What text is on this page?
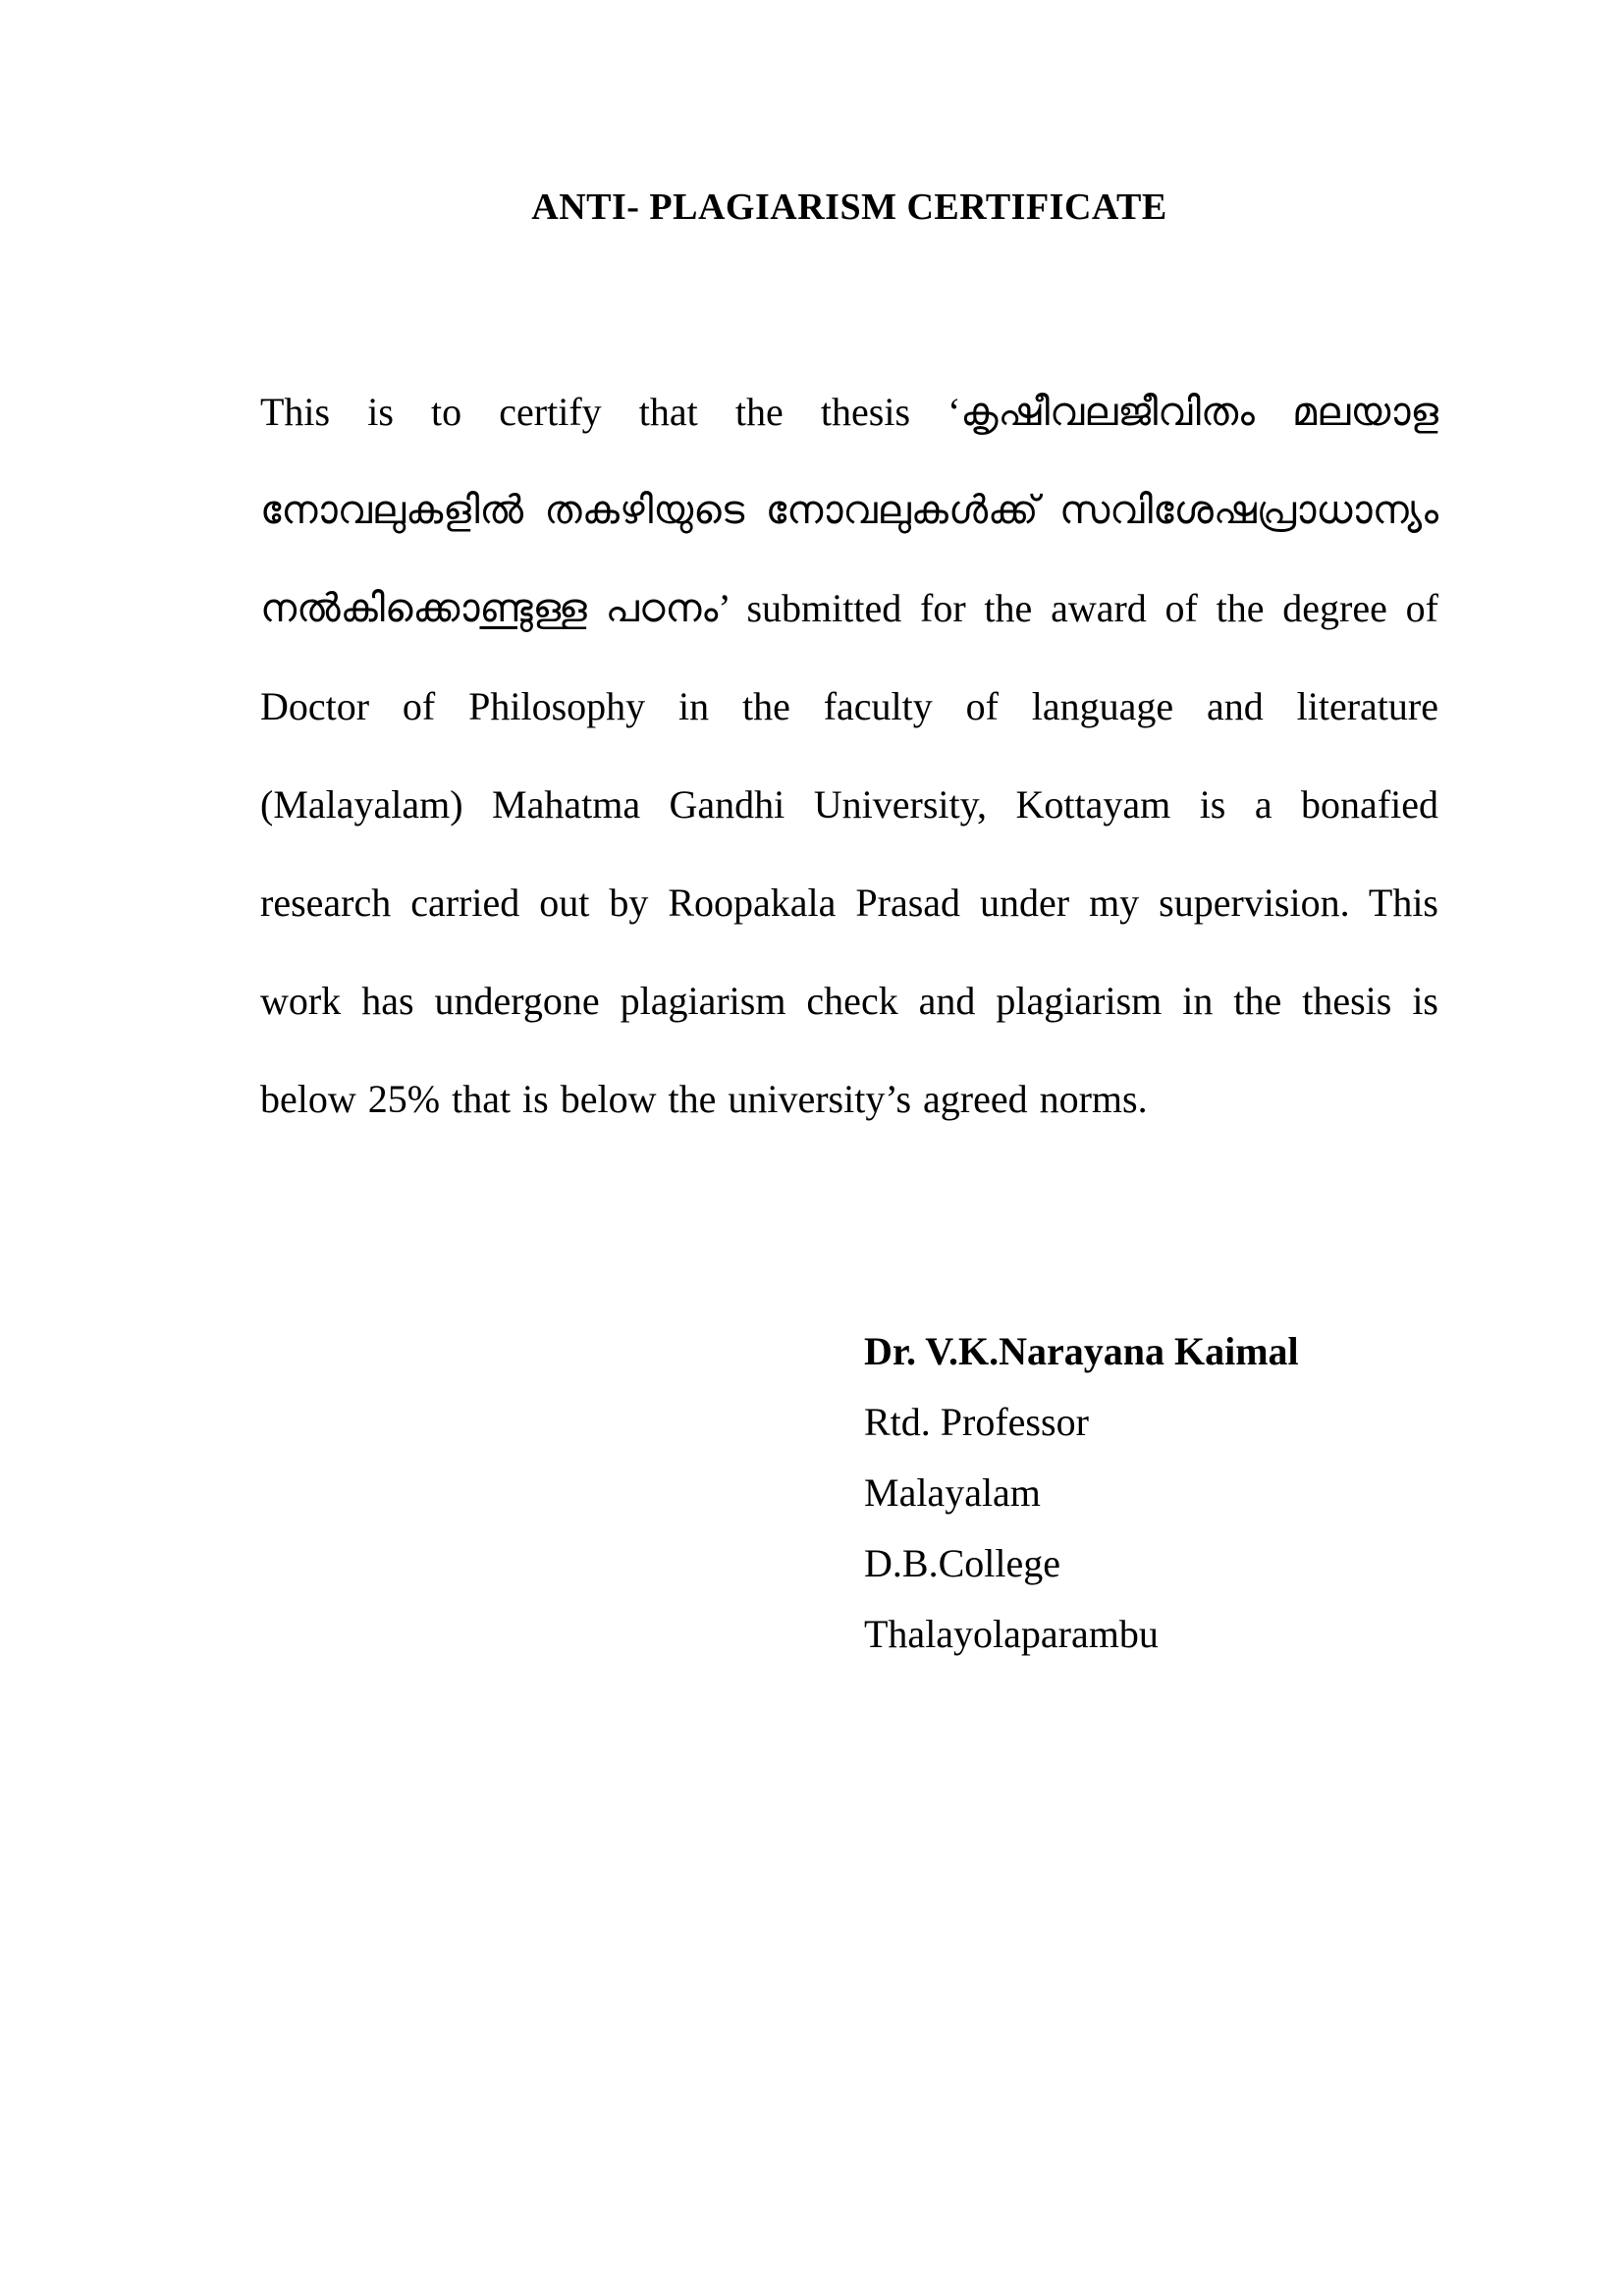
ANTI- PLAGIARISM CERTIFICATE

This is to certify that the thesis ‘കൃഷീവലജീവിതം മലയാള നോവലുകളിൽ തകഴിയുടെ നോവലുകൾക്ക് സവിശേഷപ്രാധാന്യം നൽകിക്കൊണ്ടുള്ള പഠനം’ submitted for the award of the degree of Doctor of Philosophy in the faculty of language and literature (Malayalam) Mahatma Gandhi University, Kottayam is a bonafied research carried out by Roopakala Prasad under my supervision. This work has undergone plagiarism check and plagiarism in the thesis is below 25% that is below the university’s agreed norms.

Dr. V.K.Narayana Kaimal
Rtd. Professor
Malayalam
D.B.College
Thalayolaparambu
